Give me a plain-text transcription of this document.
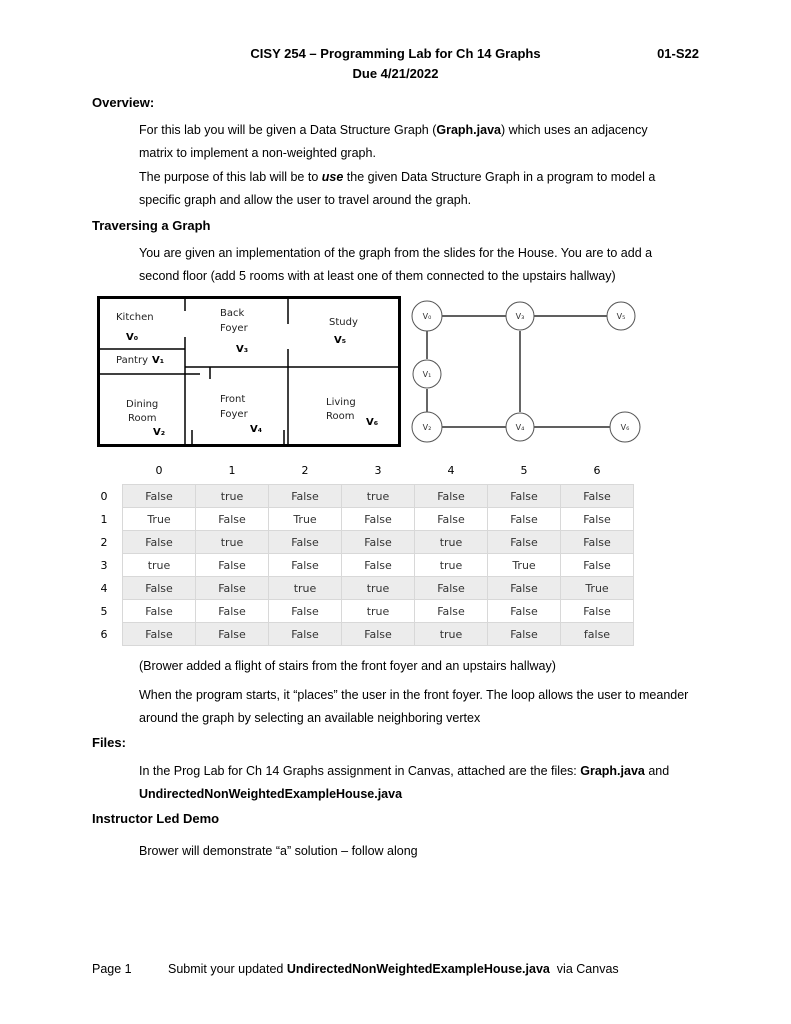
CISY 254 – Programming Lab for Ch 14 Graphs
Due 4/21/2022
01-S22
Overview:
For this lab you will be given a Data Structure Graph (Graph.java) which uses an adjacency matrix to implement a non-weighted graph.
The purpose of this lab will be to use the given Data Structure Graph in a program to model a specific graph and allow the user to travel around the graph.
Traversing a Graph
You are given an implementation of the graph from the slides for the House. You are to add a second floor (add 5 rooms with at least one of them connected to the upstairs hallway)
Kitchen
V₀
Pantry V₁
Back
Foyer
V₃
Study
V₅
Dining
Room
V₂
Front
Foyer
V₄
Living
Room
V₆
V₀	V₃	V₅
V₁
V₂	V₄	V₆
	0	1	2	3	4	5	6
0	False	true	False	true	False	False	False
1	True	False	True	False	False	False	False
2	False	true	False	False	true	False	False
3	true	False	False	False	true	True	False
4	False	False	true	true	False	False	True
5	False	False	False	true	False	False	False
6	False	False	False	False	true	False	false
(Brower added a flight of stairs from the front foyer and an upstairs hallway)
When the program starts, it “places” the user in the front foyer. The loop allows the user to meander around the graph by selecting an available neighboring vertex
Files:
In the Prog Lab for Ch 14 Graphs assignment in Canvas, attached are the files: Graph.java and UndirectedNonWeightedExampleHouse.java
Instructor Led Demo
Brower will demonstrate “a” solution – follow along
Page 1	Submit your updated UndirectedNonWeightedExampleHouse.java  via Canvas
